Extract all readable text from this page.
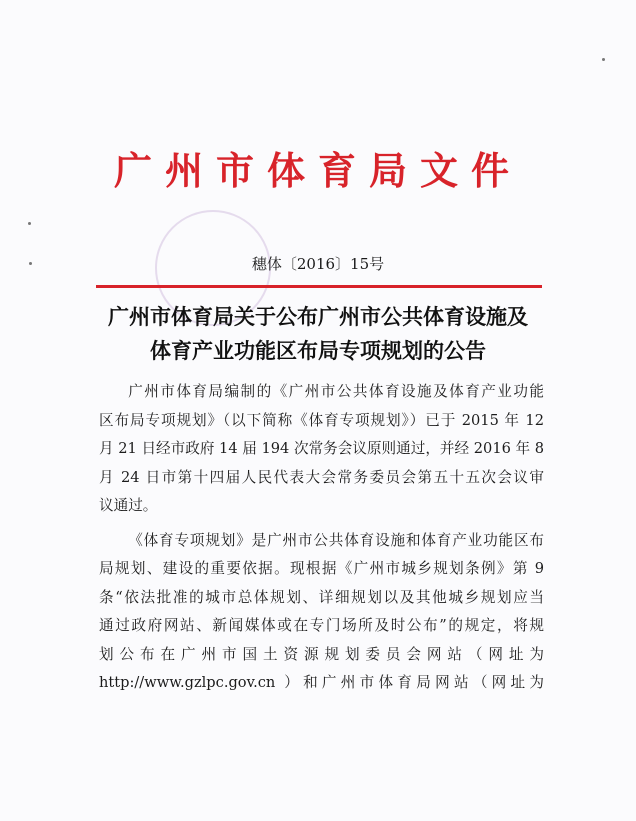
广州市体育局文件
穗体〔2016〕15号
广州市体育局关于公布广州市公共体育设施及
体育产业功能区布局专项规划的公告

广州市体育局编制的《广州市公共体育设施及体育产业功能
区布局专项规划》（以下简称《体育专项规划》）已于 2015 年 12
月 21 日经市政府 14 届 194 次常务会议原则通过，并经 2016 年 8
月 24 日市第十四届人民代表大会常务委员会第五十五次会议审
议通过。

《体育专项规划》是广州市公共体育设施和体育产业功能区布
局规划、建设的重要依据。现根据《广州市城乡规划条例》第 9
条“依法批准的城市总体规划、详细规划以及其他城乡规划应当
通过政府网站、新闻媒体或在专门场所及时公布”的规定，将规
划公布在广州市国土资源规划委员会网站（网址为
http://www.gzlpc.gov.cn ）和广州市体育局网站（网址为
